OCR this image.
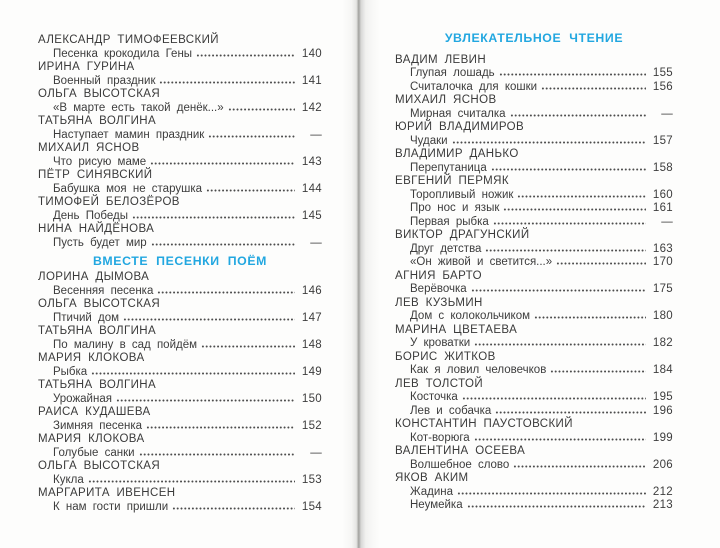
АЛЕКСАНДР ТИМОФЕЕВСКИЙ
Песенка крокодила Гены	140
ИРИНА ГУРИНА
Военный праздник	141
ОЛЬГА ВЫСОТСКАЯ
«В марте есть такой денёк...»	142
ТАТЬЯНА ВОЛГИНА
Наступает мамин праздник	—
МИХАИЛ ЯСНОВ
Что рисую маме	143
ПЁТР СИНЯВСКИЙ
Бабушка моя не старушка	144
ТИМОФЕЙ БЕЛОЗЁРОВ
День Победы	145
НИНА НАЙДЁНОВА
Пусть будет мир	—
ВМЕСТЕ ПЕСЕНКИ ПОЁМ
ЛОРИНА ДЫМОВА
Весенняя песенка	146
ОЛЬГА ВЫСОТСКАЯ
Птичий дом	147
ТАТЬЯНА ВОЛГИНА
По малину в сад пойдём	148
МАРИЯ КЛОКОВА
Рыбка	149
ТАТЬЯНА ВОЛГИНА
Урожайная	150
РАИСА КУДАШЕВА
Зимняя песенка	152
МАРИЯ КЛОКОВА
Голубые санки	—
ОЛЬГА ВЫСОТСКАЯ
Кукла	153
МАРГАРИТА ИВЕНСЕН
К нам гости пришли	154
УВЛЕКАТЕЛЬНОЕ ЧТЕНИЕ
ВАДИМ ЛЕВИН
Глупая лошадь	155
Считалочка для кошки	156
МИХАИЛ ЯСНОВ
Мирная считалка	—
ЮРИЙ ВЛАДИМИРОВ
Чудаки	157
ВЛАДИМИР ДАНЬКО
Перепутаница	158
ЕВГЕНИЙ ПЕРМЯК
Торопливый ножик	160
Про нос и язык	161
Первая рыбка	—
ВИКТОР ДРАГУНСКИЙ
Друг детства	163
«Он живой и светится...»	170
АГНИЯ БАРТО
Верёвочка	175
ЛЕВ КУЗЬМИН
Дом с колокольчиком	180
МАРИНА ЦВЕТАЕВА
У кроватки	182
БОРИС ЖИТКОВ
Как я ловил человечков	184
ЛЕВ ТОЛСТОЙ
Косточка	195
Лев и собачка	196
КОНСТАНТИН ПАУСТОВСКИЙ
Кот-ворюга	199
ВАЛЕНТИНА ОСЕЕВА
Волшебное слово	206
ЯКОВ АКИМ
Жадина	212
Неумейка	213
